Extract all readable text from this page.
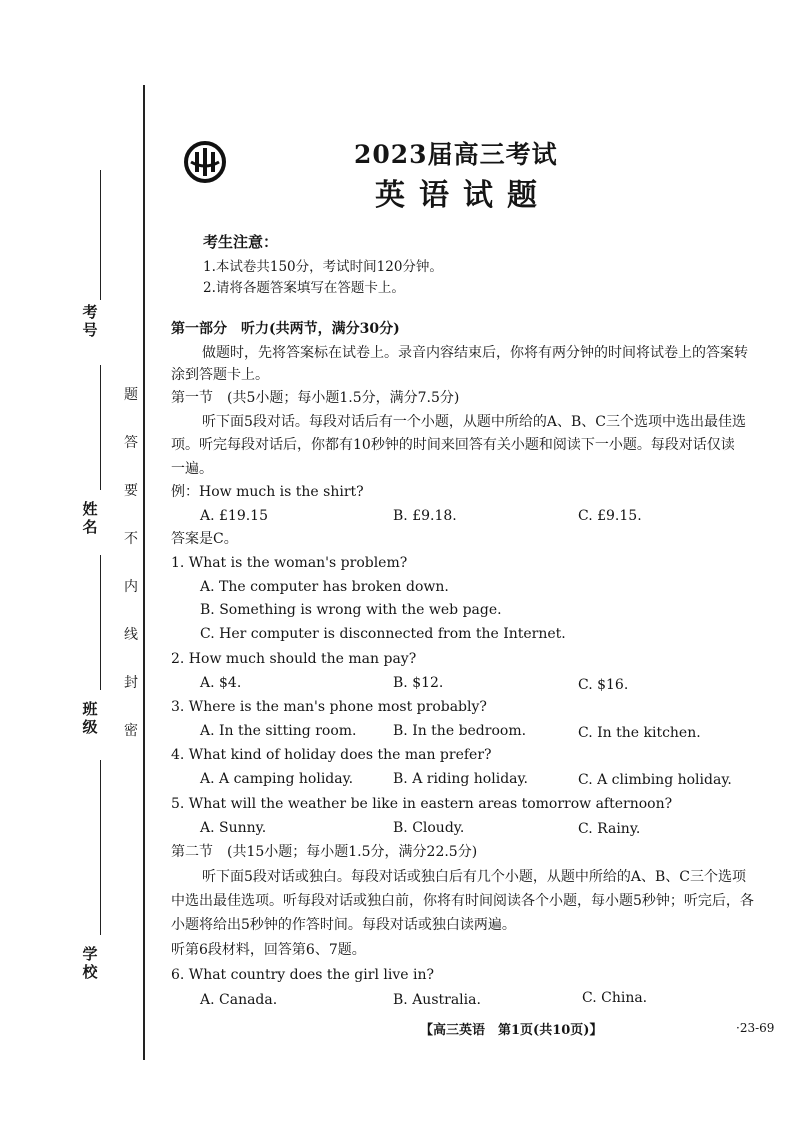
题
答
要
不
内
线
封
密
考
号
姓
名
班
级
学
校
2023届高三考试
英语试题
考生注意：
1.本试卷共150分，考试时间120分钟。
2.请将各题答案填写在答题卡上。
第一部分　听力(共两节，满分30分)
做题时，先将答案标在试卷上。录音内容结束后，你将有两分钟的时间将试卷上的答案转
涂到答题卡上。
第一节　(共5小题；每小题1.5分，满分7.5分)
听下面5段对话。每段对话后有一个小题，从题中所给的A、B、C三个选项中选出最佳选
项。听完每段对话后，你都有10秒钟的时间来回答有关小题和阅读下一小题。每段对话仅读
一遍。
例：How much is the shirt?
A. £19.15	B. £9.18.	C. £9.15.
答案是C。
1. What is the woman's problem?
A. The computer has broken down.
B. Something is wrong with the web page.
C. Her computer is disconnected from the Internet.
2. How much should the man pay?
A. $4.	B. $12.	C. $16.
3. Where is the man's phone most probably?
A. In the sitting room.	B. In the bedroom.	C. In the kitchen.
4. What kind of holiday does the man prefer?
A. A camping holiday.	B. A riding holiday.	C. A climbing holiday.
5. What will the weather be like in eastern areas tomorrow afternoon?
A. Sunny.	B. Cloudy.	C. Rainy.
第二节　(共15小题；每小题1.5分，满分22.5分)
听下面5段对话或独白。每段对话或独白后有几个小题，从题中所给的A、B、C三个选项
中选出最佳选项。听每段对话或独白前，你将有时间阅读各个小题，每小题5秒钟；听完后，各
小题将给出5秒钟的作答时间。每段对话或独白读两遍。
听第6段材料，回答第6、7题。
6. What country does the girl live in?
A. Canada.	B. Australia.	C. China.
【高三英语　第1页(共10页)】	·23-69
